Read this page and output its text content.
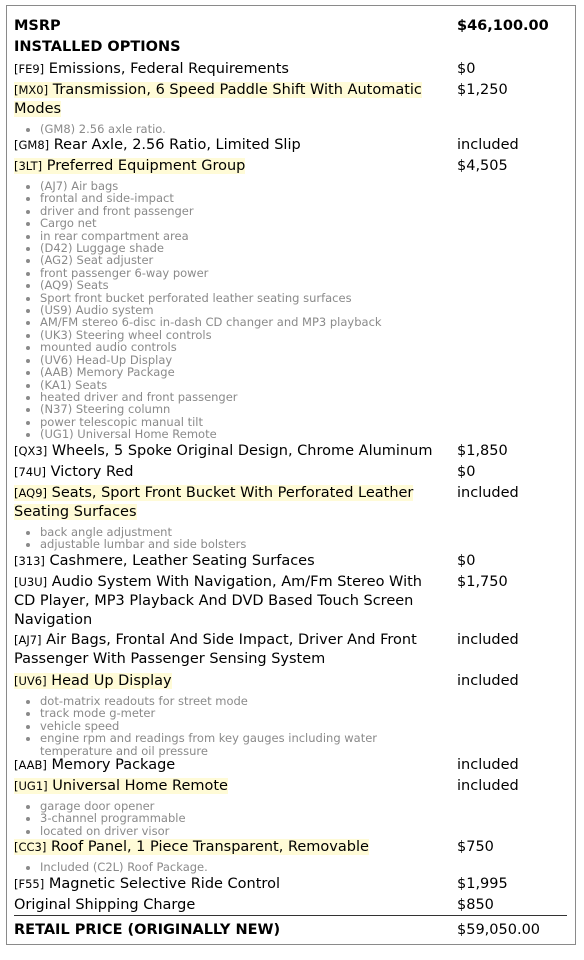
MSRP	$46,100.00
INSTALLED OPTIONS
[FE9] Emissions, Federal Requirements	$0
[MX0] Transmission, 6 Speed Paddle Shift With Automatic Modes
$1,250
• (GM8) 2.56 axle ratio.
[GM8] Rear Axle, 2.56 Ratio, Limited Slip	included
[3LT] Preferred Equipment Group	$4,505
• (AJ7) Air bags
• frontal and side-impact
• driver and front passenger
• Cargo net
• in rear compartment area
• (D42) Luggage shade
• (AG2) Seat adjuster
• front passenger 6-way power
• (AQ9) Seats
• Sport front bucket perforated leather seating surfaces
• (US9) Audio system
• AM/FM stereo 6-disc in-dash CD changer and MP3 playback
• (UK3) Steering wheel controls
• mounted audio controls
• (UV6) Head-Up Display
• (AAB) Memory Package
• (KA1) Seats
• heated driver and front passenger
• (N37) Steering column
• power telescopic manual tilt
• (UG1) Universal Home Remote
[QX3] Wheels, 5 Spoke Original Design, Chrome Aluminum	$1,850
[74U] Victory Red	$0
[AQ9] Seats, Sport Front Bucket With Perforated Leather Seating Surfaces
included
• back angle adjustment
• adjustable lumbar and side bolsters
[313] Cashmere, Leather Seating Surfaces	$0
[U3U] Audio System With Navigation, Am/Fm Stereo With CD Player, MP3 Playback And DVD Based Touch Screen Navigation
$1,750
[AJ7] Air Bags, Frontal And Side Impact, Driver And Front Passenger With Passenger Sensing System
included
[UV6] Head Up Display	included
• dot-matrix readouts for street mode
• track mode g-meter
• vehicle speed
• engine rpm and readings from key gauges including water temperature and oil pressure
[AAB] Memory Package	included
[UG1] Universal Home Remote	included
• garage door opener
• 3-channel programmable
• located on driver visor
[CC3] Roof Panel, 1 Piece Transparent, Removable	$750
• Included (C2L) Roof Package.
[F55] Magnetic Selective Ride Control	$1,995
Original Shipping Charge	$850
RETAIL PRICE (ORIGINALLY NEW)	$59,050.00
